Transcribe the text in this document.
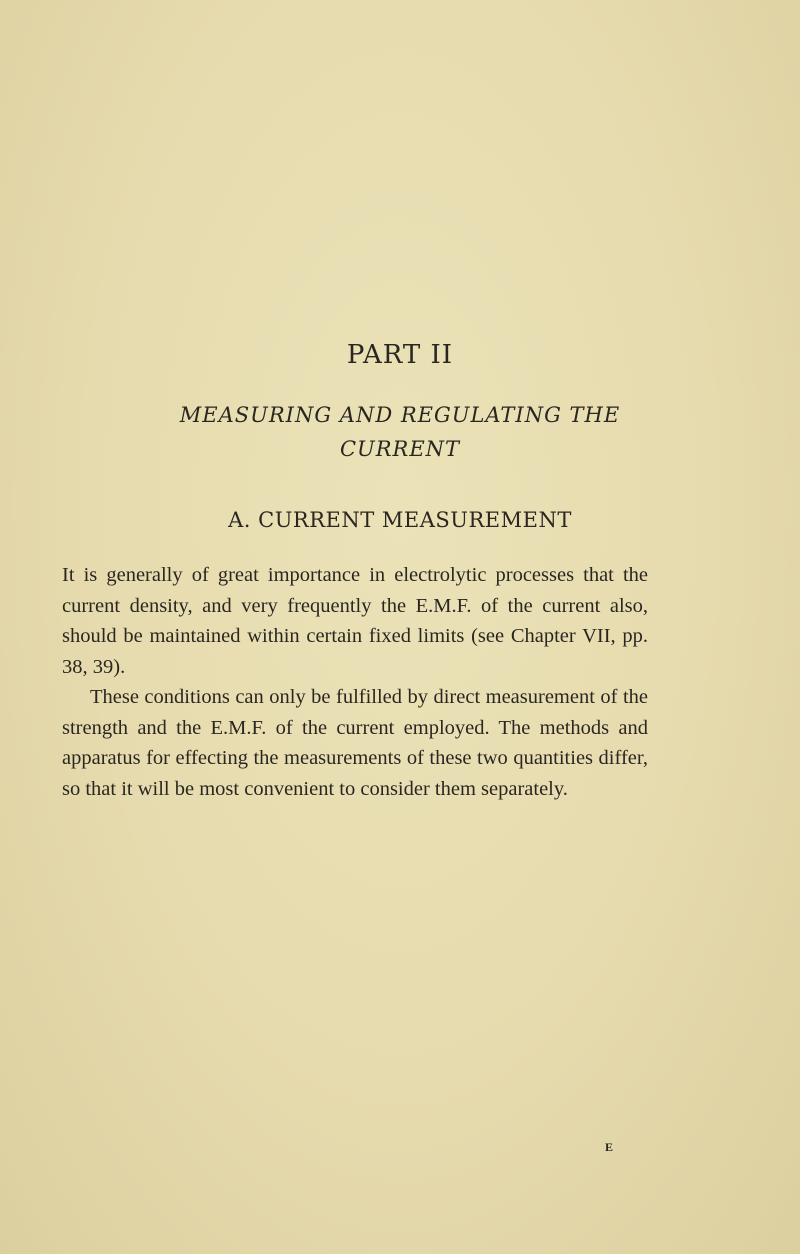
PART II
MEASURING AND REGULATING THE
CURRENT
A. CURRENT MEASUREMENT

It is generally of great importance in electrolytic processes that the current density, and very frequently the E.M.F. of the current also, should be maintained within certain fixed limits (see Chapter VII, pp. 38, 39).

These conditions can only be fulfilled by direct measurement of the strength and the E.M.F. of the current employed. The methods and apparatus for effecting the measurements of these two quantities differ, so that it will be most convenient to consider them separately.

E
